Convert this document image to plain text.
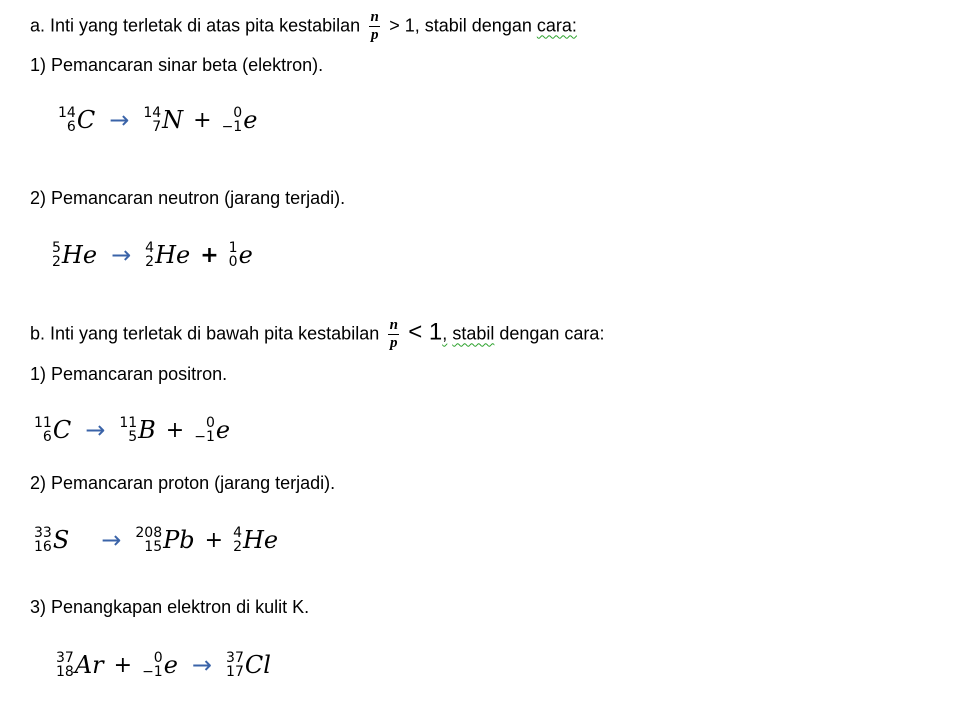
a. Inti yang terletak di atas pita kestabilan $\frac{n}{p} > 1$, stabil dengan cara:
1) Pemancaran sinar beta (elektron).
14
6 C → 14
7 N + 0
−1 e
2) Pemancaran neutron (jarang terjadi).
5
2 He → 4
2 He + 1
0 e
b. Inti yang terletak di bawah pita kestabilan $\frac{n}{p} < 1$, stabil dengan cara:
1) Pemancaran positron.
11
6 C → 11
5 B + 0
−1 e
2) Pemancaran proton (jarang terjadi).
33
16 S → 208
15 Pb + 4
2 He
3) Penangkapan elektron di kulit K.
37
18 Ar + 0
−1 e → 37
17 Cl
